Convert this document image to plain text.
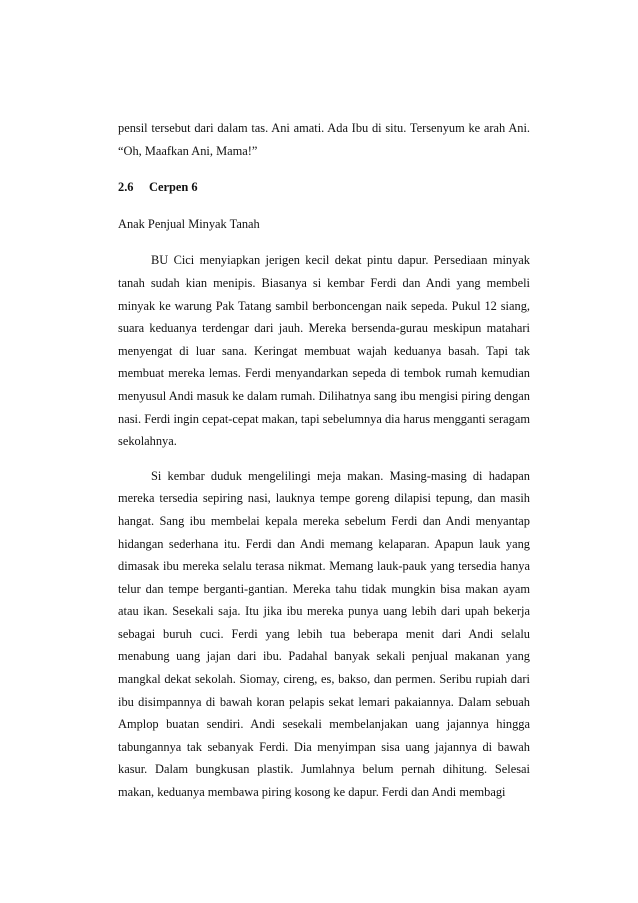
pensil tersebut dari dalam tas. Ani amati. Ada Ibu di situ. Tersenyum ke arah Ani. “Oh, Maafkan Ani, Mama!”

2.6 Cerpen 6

Anak Penjual Minyak Tanah

BU Cici menyiapkan jerigen kecil dekat pintu dapur. Persediaan minyak tanah sudah kian menipis. Biasanya si kembar Ferdi dan Andi yang membeli minyak ke warung Pak Tatang sambil berboncengan naik sepeda. Pukul 12 siang, suara keduanya terdengar dari jauh. Mereka bersenda-gurau meskipun matahari menyengat di luar sana. Keringat membuat wajah keduanya basah. Tapi tak membuat mereka lemas. Ferdi menyandarkan sepeda di tembok rumah kemudian menyusul Andi masuk ke dalam rumah. Dilihatnya sang ibu mengisi piring dengan nasi. Ferdi ingin cepat-cepat makan, tapi sebelumnya dia harus mengganti seragam sekolahnya.

Si kembar duduk mengelilingi meja makan. Masing-masing di hadapan mereka tersedia sepiring nasi, lauknya tempe goreng dilapisi tepung, dan masih hangat. Sang ibu membelai kepala mereka sebelum Ferdi dan Andi menyantap hidangan sederhana itu. Ferdi dan Andi memang kelaparan. Apapun lauk yang dimasak ibu mereka selalu terasa nikmat. Memang lauk-pauk yang tersedia hanya telur dan tempe berganti-gantian. Mereka tahu tidak mungkin bisa makan ayam atau ikan. Sesekali saja. Itu jika ibu mereka punya uang lebih dari upah bekerja sebagai buruh cuci. Ferdi yang lebih tua beberapa menit dari Andi selalu menabung uang jajan dari ibu. Padahal banyak sekali penjual makanan yang mangkal dekat sekolah. Siomay, cireng, es, bakso, dan permen. Seribu rupiah dari ibu disimpannya di bawah koran pelapis sekat lemari pakaiannya. Dalam sebuah Amplop buatan sendiri. Andi sesekali membelanjakan uang jajannya hingga tabungannya tak sebanyak Ferdi. Dia menyimpan sisa uang jajannya di bawah kasur. Dalam bungkusan plastik. Jumlahnya belum pernah dihitung. Selesai makan, keduanya membawa piring kosong ke dapur. Ferdi dan Andi membagi
